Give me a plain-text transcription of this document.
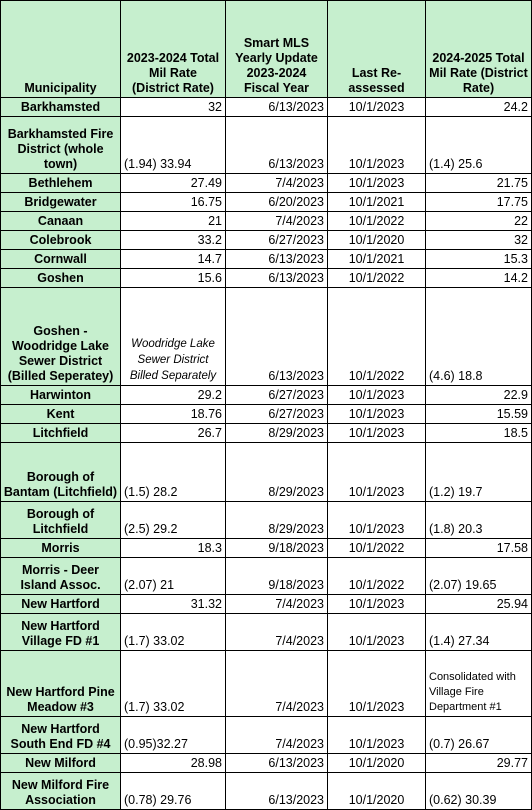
Municipality	2023-2024 Total Mil Rate (District Rate)	Smart MLS Yearly Update 2023-2024 Fiscal Year	Last Re-assessed	2024-2025 Total Mil Rate (District Rate)
Barkhamsted	32	6/13/2023	10/1/2023	24.2
Barkhamsted Fire District (whole town)	(1.94) 33.94	6/13/2023	10/1/2023	(1.4) 25.6
Bethlehem	27.49	7/4/2023	10/1/2023	21.75
Bridgewater	16.75	6/20/2023	10/1/2021	17.75
Canaan	21	7/4/2023	10/1/2022	22
Colebrook	33.2	6/27/2023	10/1/2020	32
Cornwall	14.7	6/13/2023	10/1/2021	15.3
Goshen	15.6	6/13/2023	10/1/2022	14.2
Goshen - Woodridge Lake Sewer District (Billed Seperatey)	Woodridge Lake Sewer District Billed Separately	6/13/2023	10/1/2022	(4.6) 18.8
Harwinton	29.2	6/27/2023	10/1/2023	22.9
Kent	18.76	6/27/2023	10/1/2023	15.59
Litchfield	26.7	8/29/2023	10/1/2023	18.5
Borough of Bantam (Litchfield)	(1.5) 28.2	8/29/2023	10/1/2023	(1.2) 19.7
Borough of Litchfield	(2.5) 29.2	8/29/2023	10/1/2023	(1.8) 20.3
Morris	18.3	9/18/2023	10/1/2022	17.58
Morris - Deer Island Assoc.	(2.07) 21	9/18/2023	10/1/2022	(2.07) 19.65
New Hartford	31.32	7/4/2023	10/1/2023	25.94
New Hartford Village FD #1	(1.7) 33.02	7/4/2023	10/1/2023	(1.4) 27.34
New Hartford Pine Meadow #3	(1.7) 33.02	7/4/2023	10/1/2023	Consolidated with Village Fire Department #1
New Hartford South End FD #4	(0.95)32.27	7/4/2023	10/1/2023	(0.7) 26.67
New Milford	28.98	6/13/2023	10/1/2020	29.77
New Milford Fire Association	(0.78) 29.76	6/13/2023	10/1/2020	(0.62) 30.39
